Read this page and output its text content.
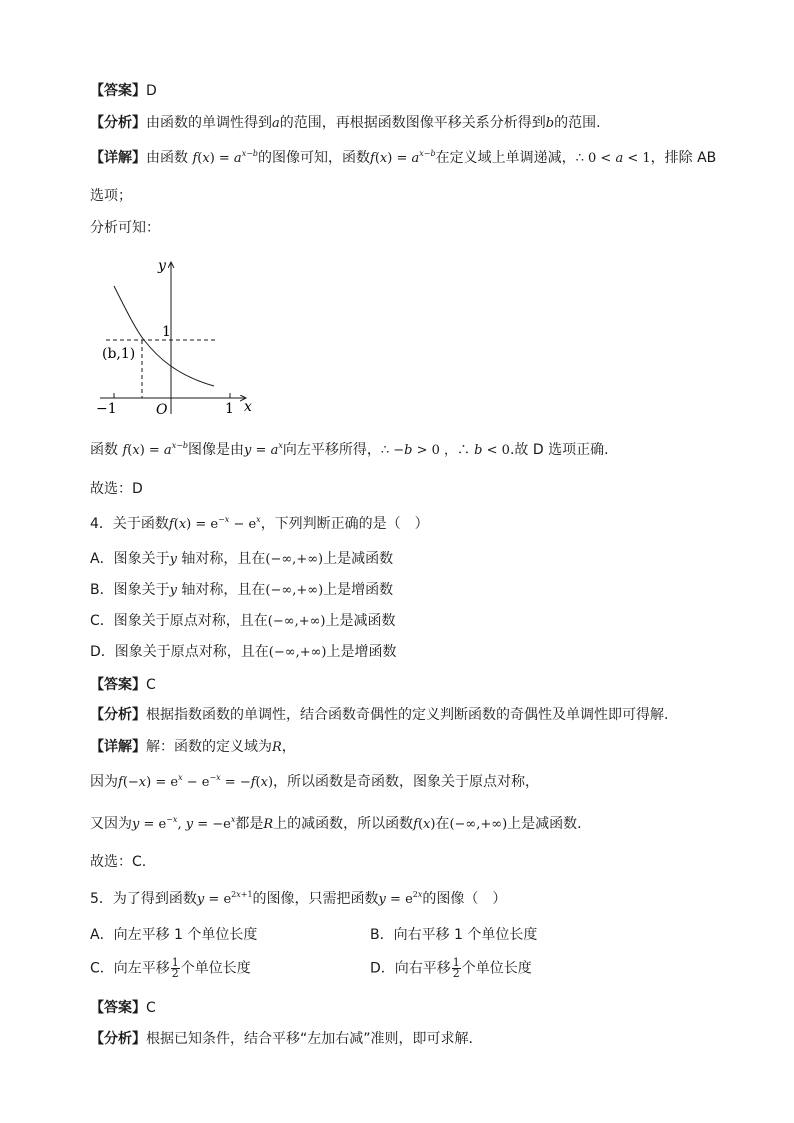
【答案】D
【分析】由函数的单调性得到a的范围，再根据函数图像平移关系分析得到b的范围.
【详解】由函数 $f(x) = a^{x-b}$的图像可知，函数$f(x) = a^{x-b}$在定义域上单调递减，∴ 0 < a < 1，排除 AB
选项；
分析可知：
y
x
1
(b,1)
−1	O	1
函数 $f(x) = a^{x-b}$图像是由$y = a^x$向左平移所得，∴ −b > 0 ，∴ b < 0.故 D 选项正确.
故选：D
4．关于函数$f(x) = e^{-x} - e^x$，下列判断正确的是（　）
A．图象关于y 轴对称，且在(−∞,+∞)上是减函数
B．图象关于y 轴对称，且在(−∞,+∞)上是增函数
C．图象关于原点对称，且在(−∞,+∞)上是减函数
D．图象关于原点对称，且在(−∞,+∞)上是增函数
【答案】C
【分析】根据指数函数的单调性，结合函数奇偶性的定义判断函数的奇偶性及单调性即可得解.
【详解】解：函数的定义域为R，
因为$f(-x) = e^x - e^{-x} = -f(x)$，所以函数是奇函数，图象关于原点对称，
又因为$y = e^{-x}$, $y = -e^x$都是R上的减函数，所以函数f(x)在(−∞,+∞)上是减函数.
故选：C.
5．为了得到函数$y = e^{2x+1}$的图像，只需把函数$y = e^{2x}$的图像（　）
A．向左平移 1 个单位长度	B．向右平移 1 个单位长度
C．向左平移 $\frac{1}{2}$ 个单位长度	D．向右平移 $\frac{1}{2}$ 个单位长度
【答案】C
【分析】根据已知条件，结合平移“左加右减”准则，即可求解．
